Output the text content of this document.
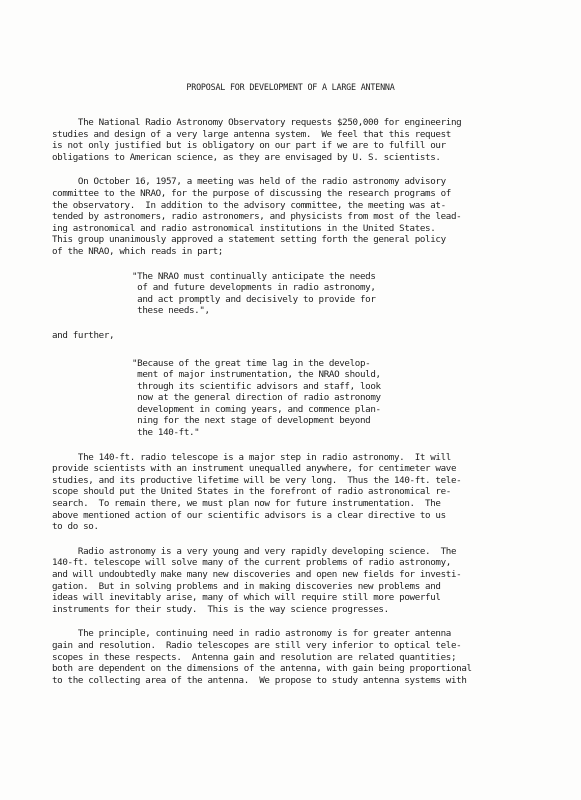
PROPOSAL FOR DEVELOPMENT OF A LARGE ANTENNA
The National Radio Astronomy Observatory requests $250,000 for engineering
studies and design of a very large antenna system.  We feel that this request
is not only justified but is obligatory on our part if we are to fulfill our
obligations to American science, as they are envisaged by U. S. scientists.
On October 16, 1957, a meeting was held of the radio astronomy advisory
committee to the NRAO, for the purpose of discussing the research programs of
the observatory.  In addition to the advisory committee, the meeting was at-
tended by astronomers, radio astronomers, and physicists from most of the lead-
ing astronomical and radio astronomical institutions in the United States.
This group unanimously approved a statement setting forth the general policy
of the NRAO, which reads in part;
"The NRAO must continually anticipate the needs
of and future developments in radio astronomy,
and act promptly and decisively to provide for
these needs.",
and further,
"Because of the great time lag in the develop-
ment of major instrumentation, the NRAO should,
through its scientific advisors and staff, look
now at the general direction of radio astronomy
development in coming years, and commence plan-
ning for the next stage of development beyond
the 140-ft."
The 140-ft. radio telescope is a major step in radio astronomy.  It will
provide scientists with an instrument unequalled anywhere, for centimeter wave
studies, and its productive lifetime will be very long.  Thus the 140-ft. tele-
scope should put the United States in the forefront of radio astronomical re-
search.  To remain there, we must plan now for future instrumentation.  The
above mentioned action of our scientific advisors is a clear directive to us
to do so.
Radio astronomy is a very young and very rapidly developing science.  The
140-ft. telescope will solve many of the current problems of radio astronomy,
and will undoubtedly make many new discoveries and open new fields for investi-
gation.  But in solving problems and in making discoveries new problems and
ideas will inevitably arise, many of which will require still more powerful
instruments for their study.  This is the way science progresses.
The principle, continuing need in radio astronomy is for greater antenna
gain and resolution.  Radio telescopes are still very inferior to optical tele-
scopes in these respects.  Antenna gain and resolution are related quantities;
both are dependent on the dimensions of the antenna, with gain being proportional
to the collecting area of the antenna.  We propose to study antenna systems with
